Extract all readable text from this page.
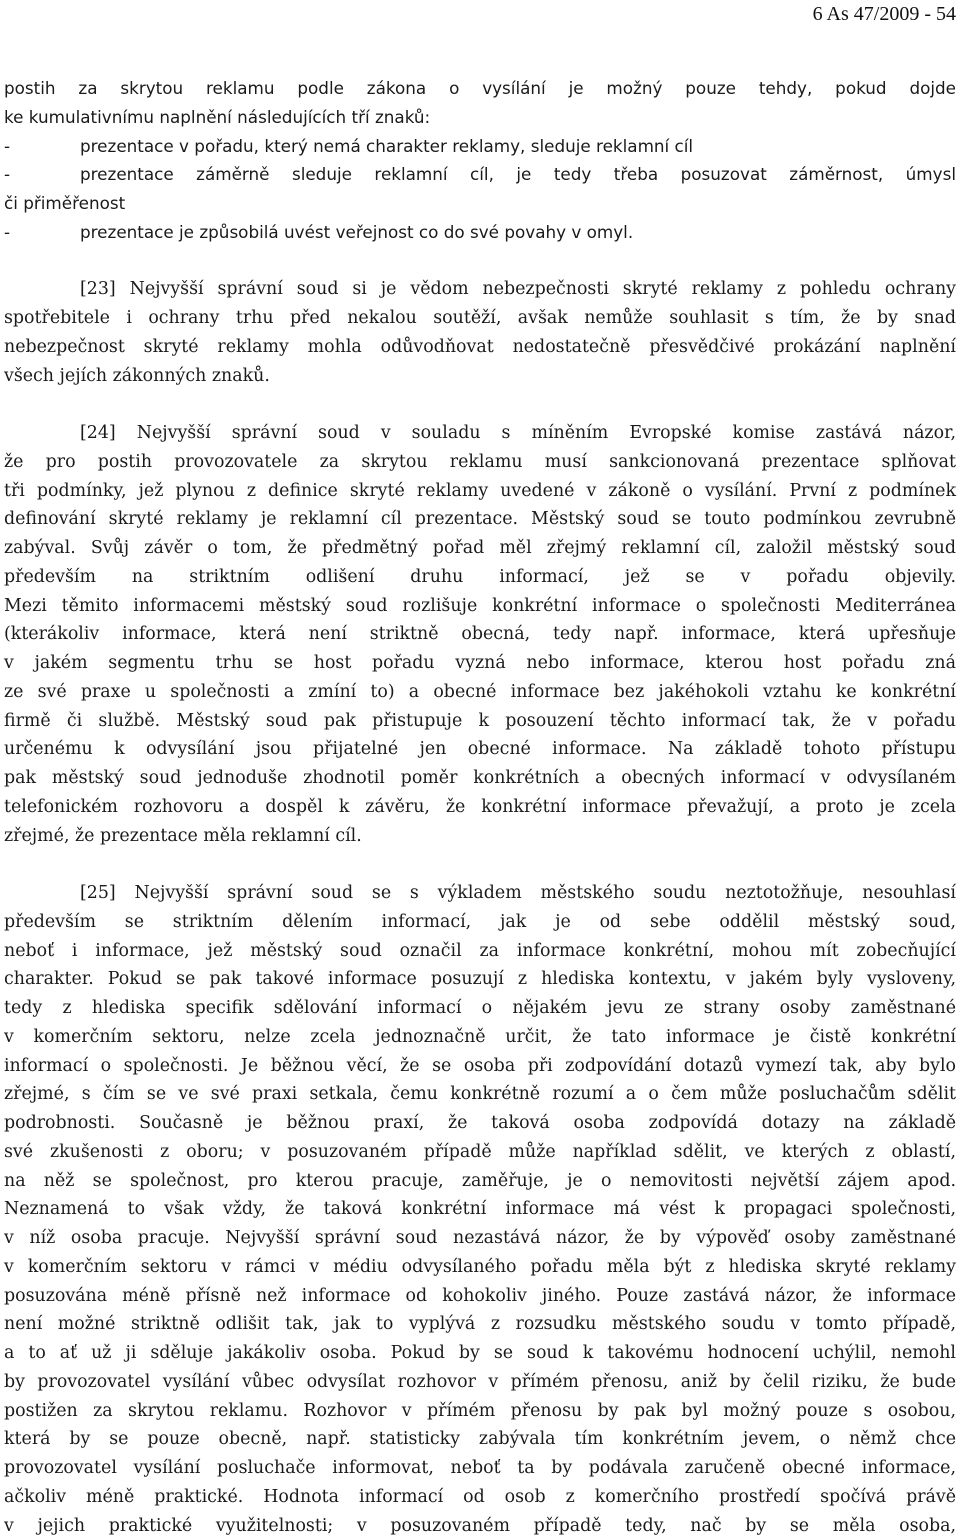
6 As 47/2009 - 54
postih za skrytou reklamu podle zákona o vysílání je možný pouze tehdy, pokud dojde
ke kumulativnímu naplnění následujících tří znaků:
-	prezentace v pořadu, který nemá charakter reklamy, sleduje reklamní cíl
-	prezentace záměrně sleduje reklamní cíl, je tedy třeba posuzovat záměrnost, úmysl
či přiměřenost
-	prezentace je způsobilá uvést veřejnost co do své povahy v omyl.
[23] Nejvyšší správní soud si je vědom nebezpečnosti skryté reklamy z pohledu ochrany
spotřebitele i ochrany trhu před nekalou soutěží, avšak nemůže souhlasit s tím, že by snad
nebezpečnost skryté reklamy mohla odůvodňovat nedostatečně přesvědčivé prokázání naplnění
všech jejích zákonných znaků.
[24] Nejvyšší správní soud v souladu s míněním Evropské komise zastává názor,
že pro postih provozovatele za skrytou reklamu musí sankcionovaná prezentace splňovat
tři podmínky, jež plynou z definice skryté reklamy uvedené v zákoně o vysílání. První z podmínek
definování skryté reklamy je reklamní cíl prezentace. Městský soud se touto podmínkou zevrubně
zabýval. Svůj závěr o tom, že předmětný pořad měl zřejmý reklamní cíl, založil městský soud
především na striktním odlišení druhu informací, jež se v pořadu objevily.
Mezi těmito informacemi městský soud rozlišuje konkrétní informace o společnosti Mediterránea
(kterákoliv informace, která není striktně obecná, tedy např. informace, která upřesňuje
v jakém segmentu trhu se host pořadu vyzná nebo informace, kterou host pořadu zná
ze své praxe u společnosti a zmíní to) a obecné informace bez jakéhokoli vztahu ke konkrétní
firmě či službě. Městský soud pak přistupuje k posouzení těchto informací tak, že v pořadu
určenému k odvysílání jsou přijatelné jen obecné informace. Na základě tohoto přístupu
pak městský soud jednoduše zhodnotil poměr konkrétních a obecných informací v odvysílaném
telefonickém rozhovoru a dospěl k závěru, že konkrétní informace převažují, a proto je zcela
zřejmé, že prezentace měla reklamní cíl.
[25] Nejvyšší správní soud se s výkladem městského soudu neztotožňuje, nesouhlasí
především se striktním dělením informací, jak je od sebe oddělil městský soud,
neboť i informace, jež městský soud označil za informace konkrétní, mohou mít zobecňující
charakter. Pokud se pak takové informace posuzují z hlediska kontextu, v jakém byly vysloveny,
tedy z hlediska specifik sdělování informací o nějakém jevu ze strany osoby zaměstnané
v komerčním sektoru, nelze zcela jednoznačně určit, že tato informace je čistě konkrétní
informací o společnosti. Je běžnou věcí, že se osoba při zodpovídání dotazů vymezí tak, aby bylo
zřejmé, s čím se ve své praxi setkala, čemu konkrétně rozumí a o čem může posluchačům sdělit
podrobnosti. Současně je běžnou praxí, že taková osoba zodpovídá dotazy na základě
své zkušenosti z oboru; v posuzovaném případě může například sdělit, ve kterých z oblastí,
na něž se společnost, pro kterou pracuje, zaměřuje, je o nemovitosti největší zájem apod.
Neznamená to však vždy, že taková konkrétní informace má vést k propagaci společnosti,
v níž osoba pracuje. Nejvyšší správní soud nezastává názor, že by výpověď osoby zaměstnané
v komerčním sektoru v rámci v médiu odvysílaného pořadu měla být z hlediska skryté reklamy
posuzována méně přísně než informace od kohokoliv jiného. Pouze zastává názor, že informace
není možné striktně odlišit tak, jak to vyplývá z rozsudku městského soudu v tomto případě,
a to ať už ji sděluje jakákoliv osoba. Pokud by se soud k takovému hodnocení uchýlil, nemohl
by provozovatel vysílání vůbec odvysílat rozhovor v přímém přenosu, aniž by čelil riziku, že bude
postižen za skrytou reklamu. Rozhovor v přímém přenosu by pak byl možný pouze s osobou,
která by se pouze obecně, např. statisticky zabývala tím konkrétním jevem, o němž chce
provozovatel vysílání posluchače informovat, neboť ta by podávala zaručeně obecné informace,
ačkoliv méně praktické. Hodnota informací od osob z komerčního prostředí spočívá právě
v jejich praktické využitelnosti; v posuzovaném případě tedy, nač by se měla osoba,
